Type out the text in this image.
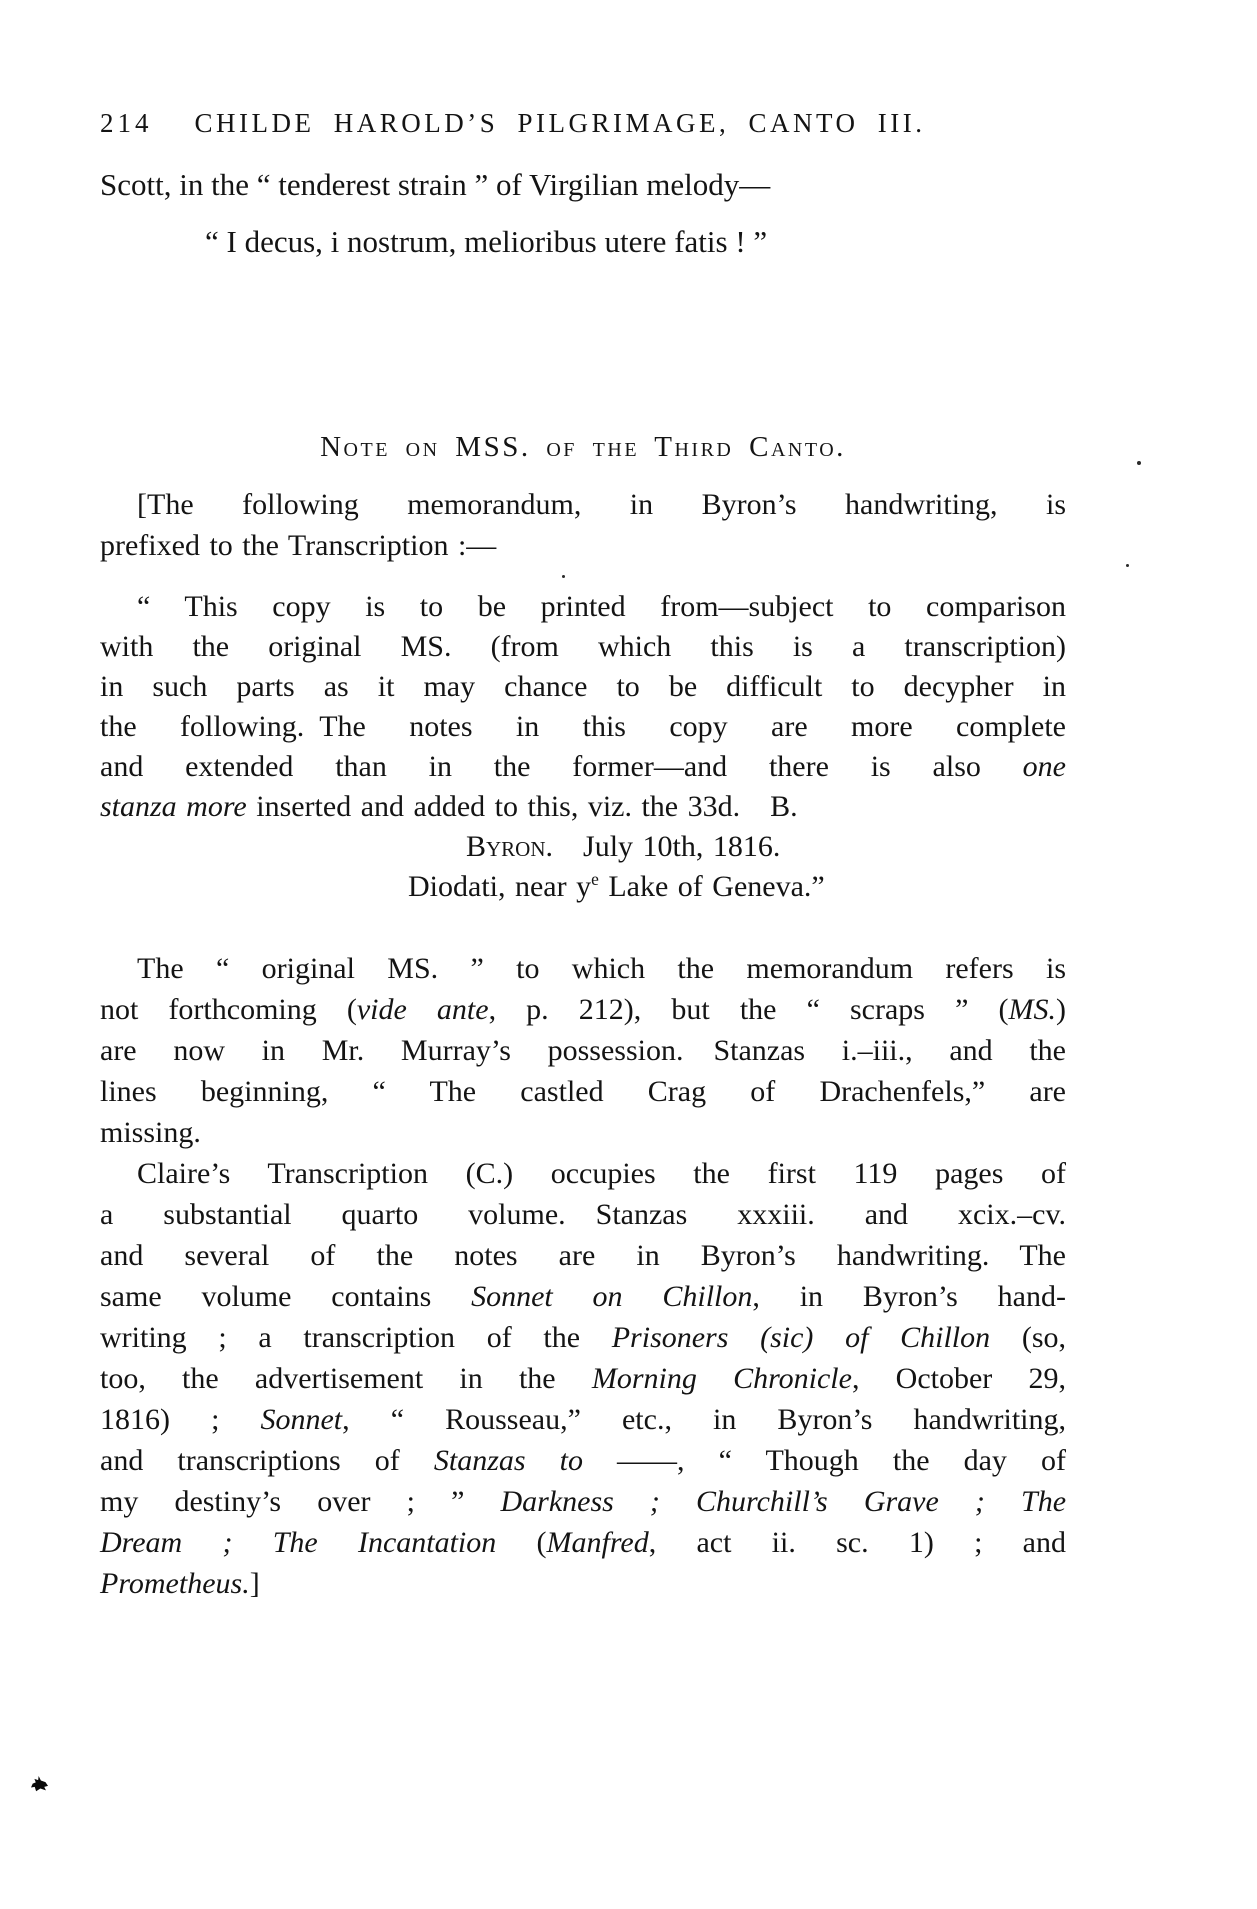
214 CHILDE HAROLD’S PILGRIMAGE, CANTO III.

Scott, in the “ tenderest strain ” of Virgilian melody—

“ I decus, i nostrum, melioribus utere fatis ! ”

Note on MSS. of the Third Canto.

[The following memorandum, in Byron’s handwriting, is
prefixed to the Transcription :—

“ This copy is to be printed from—subject to comparison
with the original MS. (from which this is a transcription)
in such parts as it may chance to be difficult to decypher in
the following. The notes in this copy are more complete
and extended than in the former—and there is also one
stanza more inserted and added to this, viz. the 33d.  B.
Byron.  July 10th, 1816.
Diodati, near $y^e$ Lake of Geneva.”

The “ original MS. ” to which the memorandum refers is
not forthcoming (vide ante, p. 212), but the “ scraps ” (MS.)
are now in Mr. Murray’s possession.  Stanzas i.–iii., and the
lines beginning, “ The castled Crag of Drachenfels,” are
missing.

Claire’s Transcription (C.) occupies the first 119 pages of
a substantial quarto volume.  Stanzas xxxiii. and xcix.–cv.
and several of the notes are in Byron’s handwriting.  The
same volume contains Sonnet on Chillon, in Byron’s hand-
writing ; a transcription of the Prisoners (sic) of Chillon (so,
too, the advertisement in the Morning Chronicle, October 29,
1816) ; Sonnet, “ Rousseau,” etc., in Byron’s handwriting,
and transcriptions of Stanzas to ——, “ Though the day of
my destiny’s over ; ” Darkness ; Churchill’s Grave ; The
Dream ; The Incantation (Manfred, act ii. sc. 1) ; and
Prometheus.]
